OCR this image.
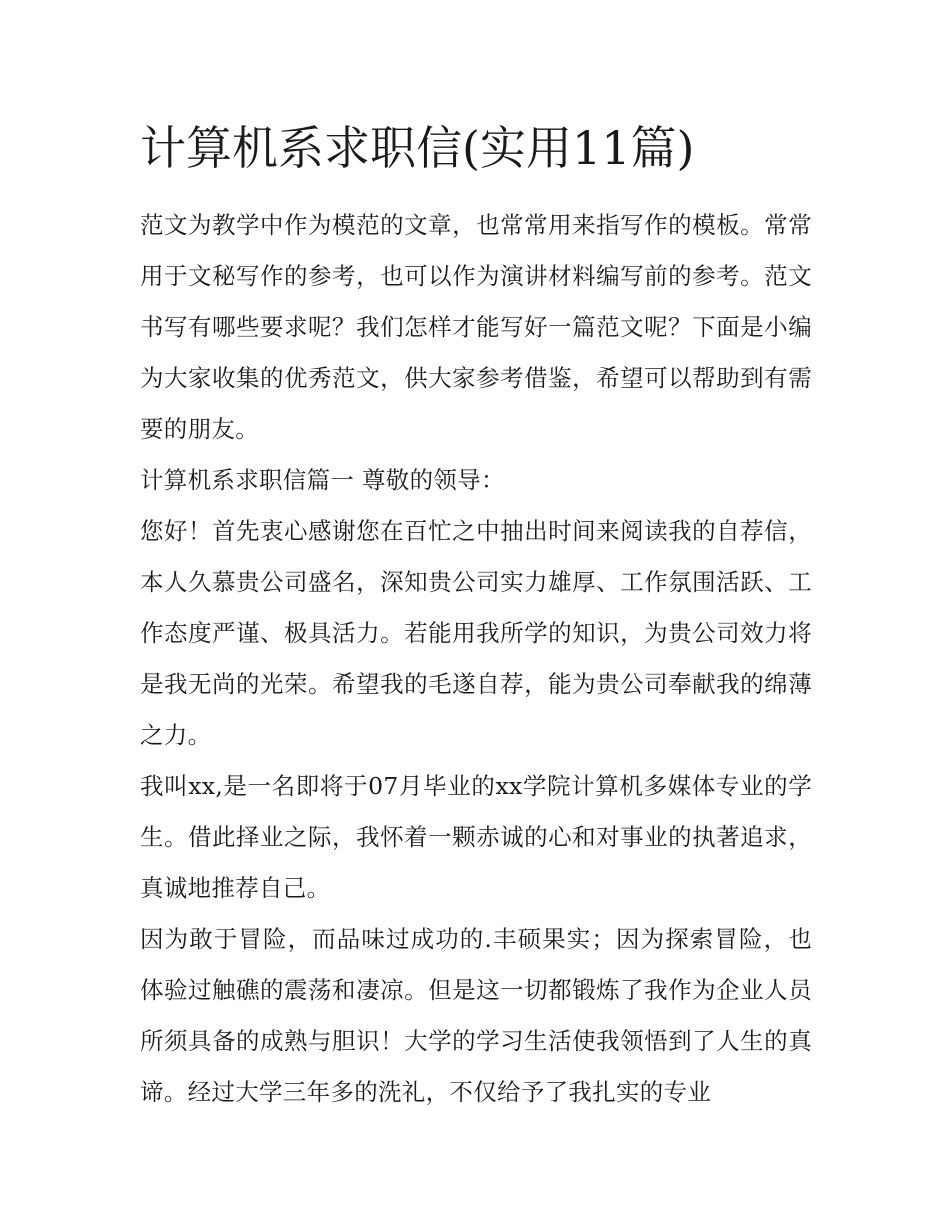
计算机系求职信(实用11篇)

范文为教学中作为模范的文章，也常常用来指写作的模板。常常用于文秘写作的参考，也可以作为演讲材料编写前的参考。范文书写有哪些要求呢？我们怎样才能写好一篇范文呢？下面是小编为大家收集的优秀范文，供大家参考借鉴，希望可以帮助到有需要的朋友。

计算机系求职信篇一 尊敬的领导：

您好！首先衷心感谢您在百忙之中抽出时间来阅读我的自荐信，本人久慕贵公司盛名，深知贵公司实力雄厚、工作氛围活跃、工作态度严谨、极具活力。若能用我所学的知识，为贵公司效力将是我无尚的光荣。希望我的毛遂自荐，能为贵公司奉献我的绵薄之力。

我叫xx,是一名即将于07月毕业的xx学院计算机多媒体专业的学生。借此择业之际，我怀着一颗赤诚的心和对事业的执著追求，真诚地推荐自己。

因为敢于冒险，而品味过成功的.丰硕果实；因为探索冒险，也体验过触礁的震荡和凄凉。但是这一切都锻炼了我作为企业人员所须具备的成熟与胆识！大学的学习生活使我领悟到了人生的真谛。经过大学三年多的洗礼，不仅给予了我扎实的专业
